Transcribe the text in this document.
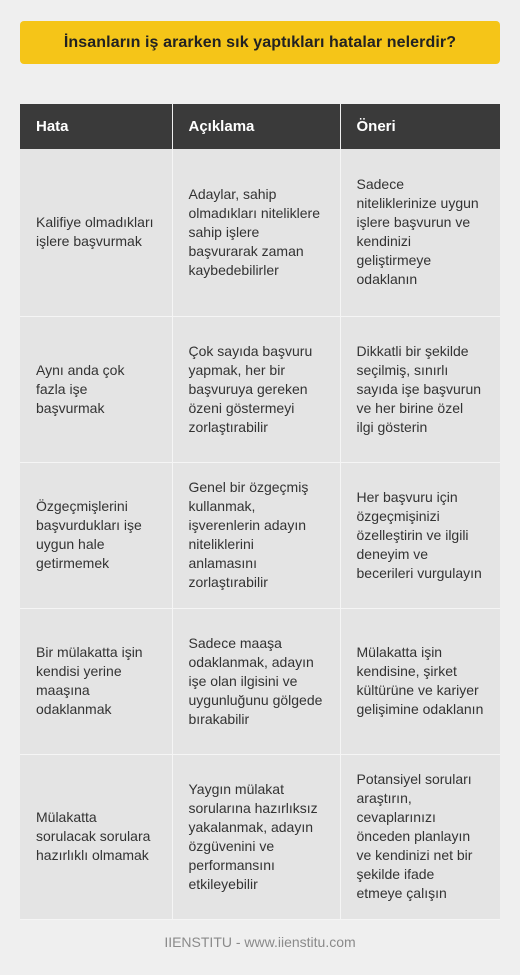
İnsanların iş ararken sık yaptıkları hatalar nelerdir?
Hata	Açıklama	Öneri
Kalifiye olmadıkları işlere başvurmak	Adaylar, sahip olmadıkları niteliklere sahip işlere başvurarak zaman kaybedebilirler	Sadece niteliklerinize uygun işlere başvurun ve kendinizi geliştirmeye odaklanın
Aynı anda çok fazla işe başvurmak	Çok sayıda başvuru yapmak, her bir başvuruya gereken özeni göstermeyi zorlaştırabilir	Dikkatli bir şekilde seçilmiş, sınırlı sayıda işe başvurun ve her birine özel ilgi gösterin
Özgeçmişlerini başvurdukları işe uygun hale getirmemek	Genel bir özgeçmiş kullanmak, işverenlerin adayın niteliklerini anlamasını zorlaştırabilir	Her başvuru için özgeçmişinizi özelleştirin ve ilgili deneyim ve becerileri vurgulayın
Bir mülakatta işin kendisi yerine maaşına odaklanmak	Sadece maaşa odaklanmak, adayın işe olan ilgisini ve uygunluğunu gölgede bırakabilir	Mülakatta işin kendisine, şirket kültürüne ve kariyer gelişimine odaklanın
Mülakatta sorulacak sorulara hazırlıklı olmamak	Yaygın mülakat sorularına hazırlıksız yakalanmak, adayın özgüvenini ve performansını etkileyebilir	Potansiyel soruları araştırın, cevaplarınızı önceden planlayın ve kendinizi net bir şekilde ifade etmeye çalışın
IIENSTITU - www.iienstitu.com
